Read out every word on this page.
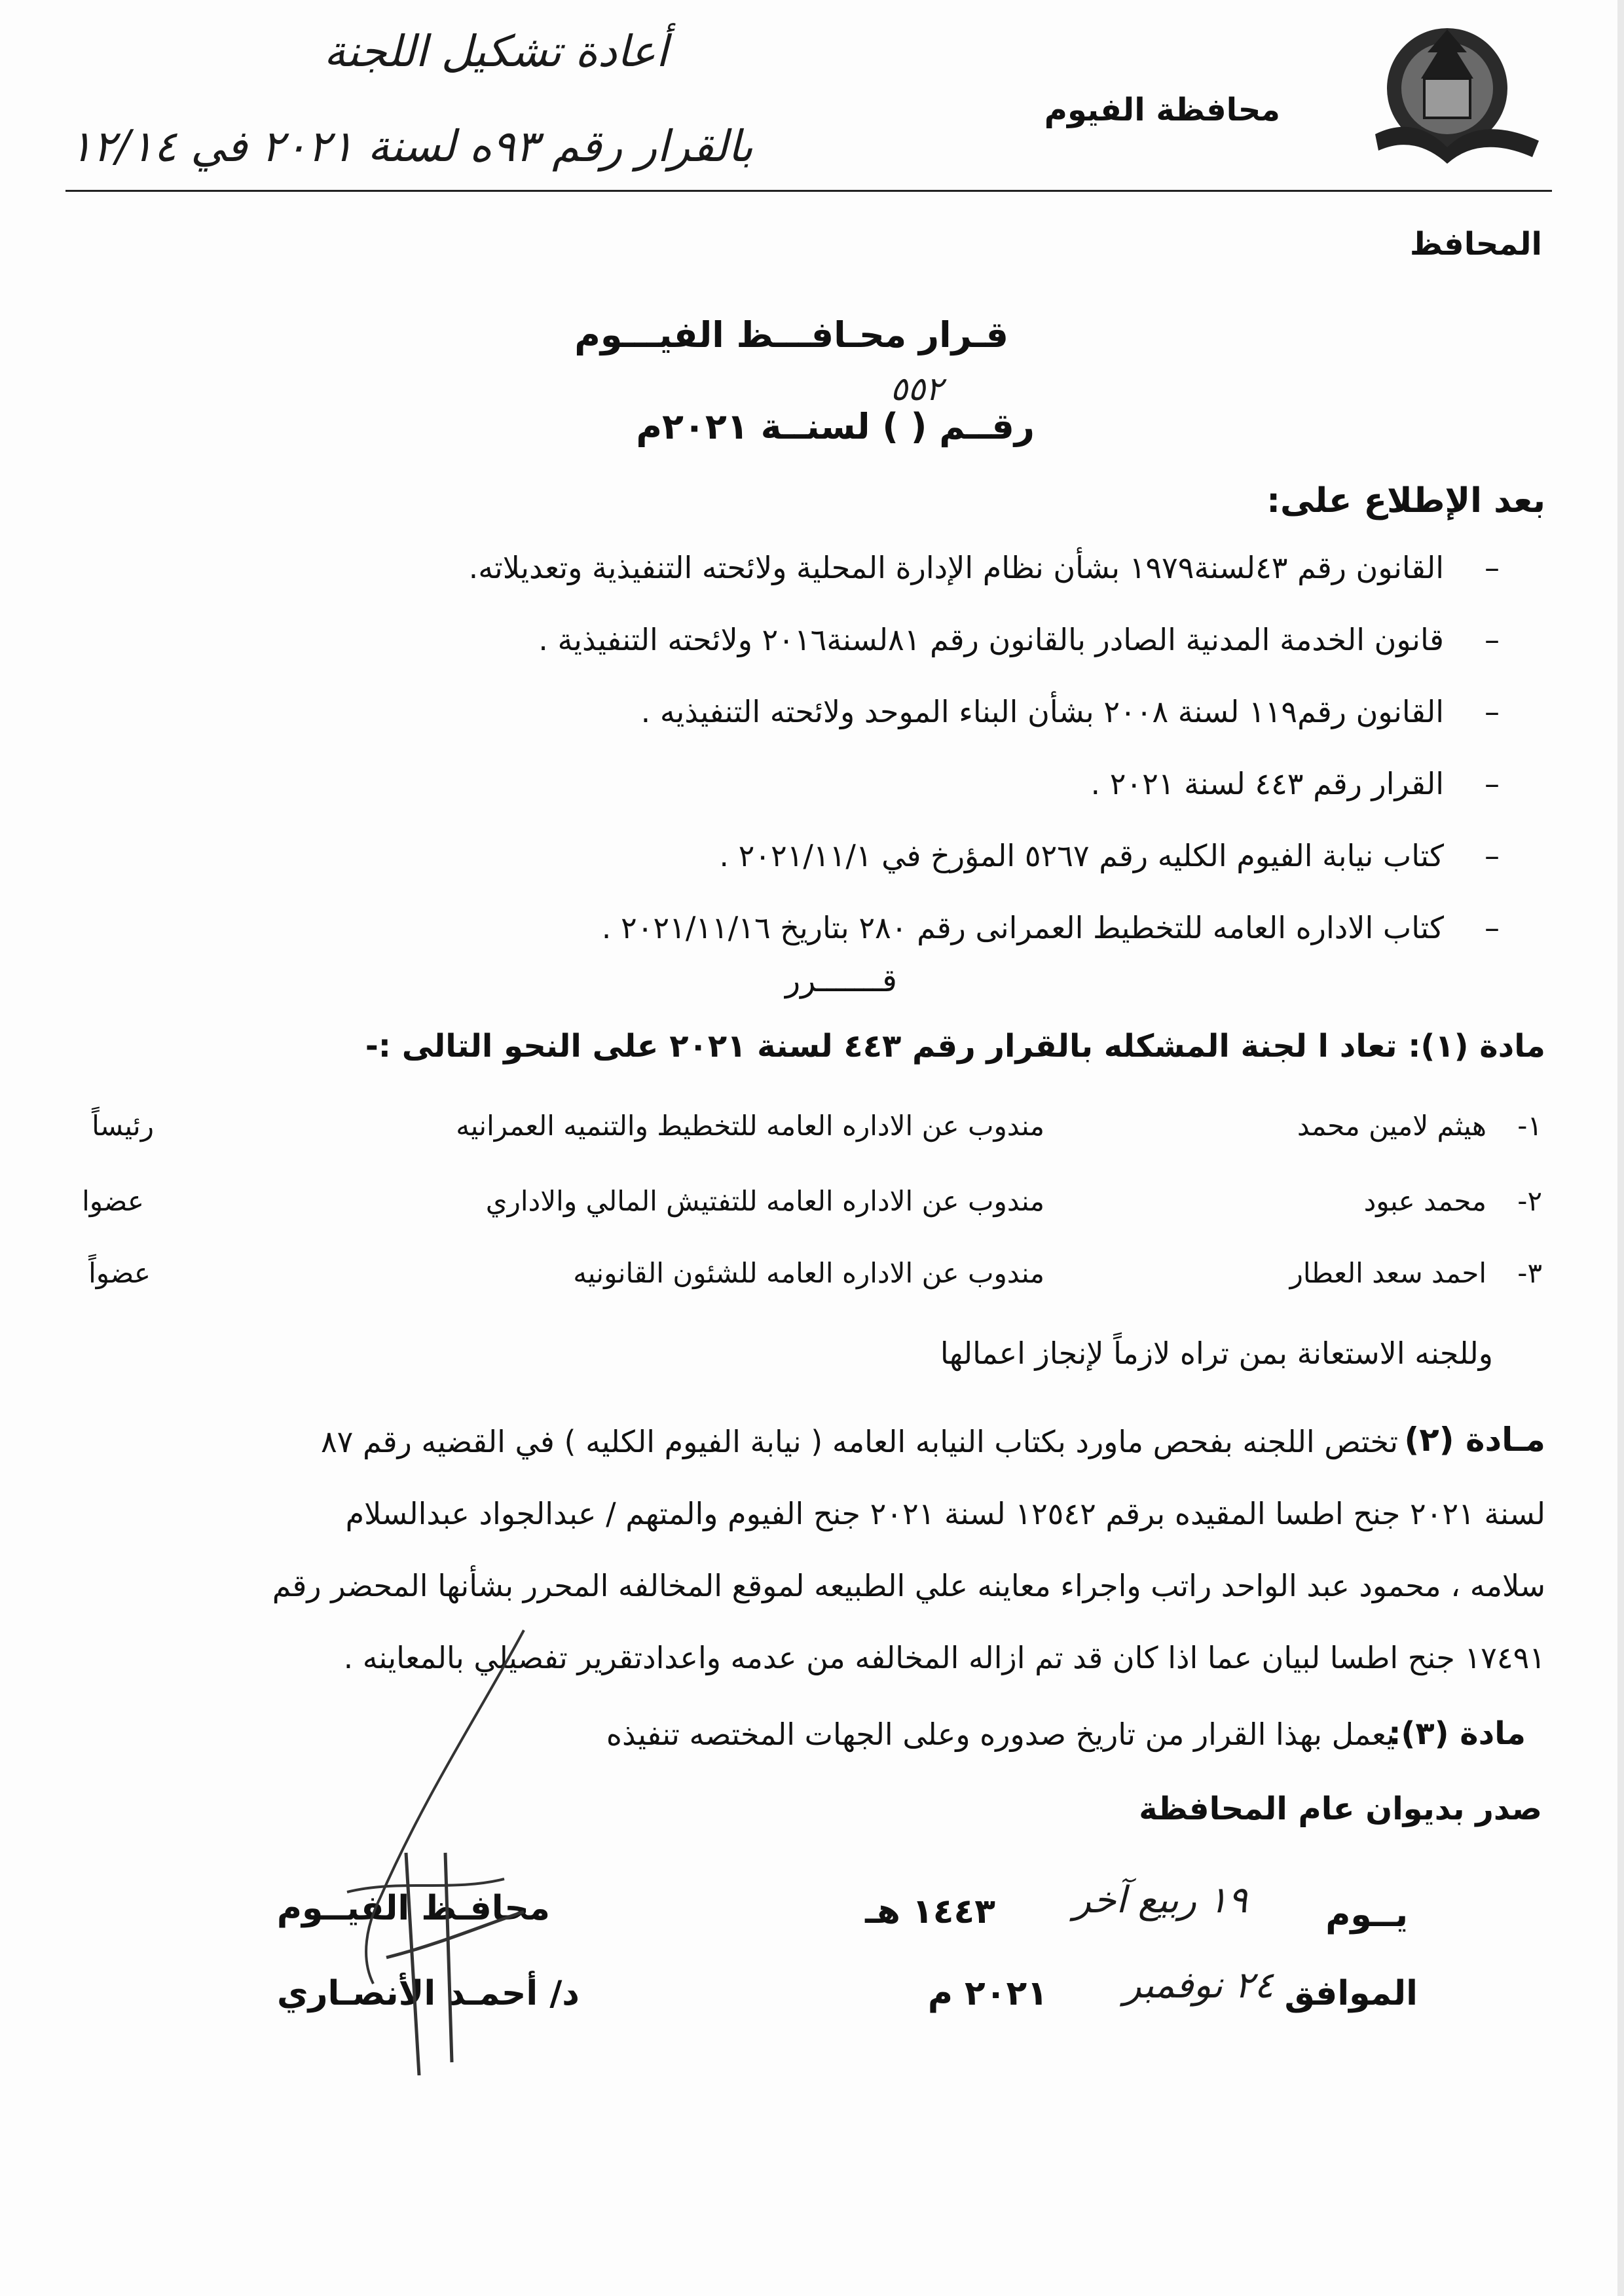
محافظة الفيوم
أعادة تشكيل اللجنة
بالقرار رقم ٩٣ه لسنة ٢٠٢١ في ١٢/١٤
المحافظ
قـرار محـافـــظ الفيـــوم
رقــم ( ) لسنــة ٢٠٢١م
٥٥٢
بعد الإطلاع على:
–
القانون رقم ٤٣لسنة١٩٧٩ بشأن نظام الإدارة المحلية ولائحته التنفيذية وتعديلاته.
–
قانون الخدمة المدنية الصادر بالقانون رقم ٨١لسنة٢٠١٦ ولائحته التنفيذية .
–
القانون رقم١١٩ لسنة ٢٠٠٨ بشأن البناء الموحد ولائحته التنفيذيه .
–
القرار رقم ٤٤٣ لسنة ٢٠٢١ .
–
كتاب نيابة الفيوم الكليه رقم ٥٢٦٧ المؤرخ في ٢٠٢١/١١/١ .
–
كتاب الاداره العامه للتخطيط العمرانى رقم ٢٨٠ بتاريخ ٢٠٢١/١١/١٦ .
قـــــــرر
مادة (١): تعاد ا لجنة المشكله بالقرار رقم ٤٤٣ لسنة ٢٠٢١ على النحو التالى :-
١-
هيثم لامين محمد
مندوب عن الاداره العامه للتخطيط والتنميه العمرانيه
رئيساً
٢-
محمد عبود
مندوب عن الاداره العامه للتفتيش المالي والاداري
عضوا
٣-
احمد سعد العطار
مندوب عن الاداره العامه للشئون القانونيه
عضواً
وللجنه الاستعانة بمن تراه لازماً لإنجاز اعمالها
مـادة (٢)
تختص اللجنه بفحص ماورد بكتاب النيابه العامه ( نيابة الفيوم الكليه ) في القضيه رقم ٨٧
لسنة ٢٠٢١ جنح اطسا المقيده برقم ١٢٥٤٢ لسنة ٢٠٢١ جنح الفيوم والمتهم / عبدالجواد عبدالسلام
سلامه ، محمود عبد الواحد راتب واجراء معاينه علي الطبيعه لموقع المخالفه المحرر بشأنها المحضر رقم
١٧٤٩١ جنح اطسا لبيان عما اذا كان قد تم ازاله المخالفه من عدمه واعدادتقرير تفصيلي بالمعاينه .
مادة (٣):
يعمل بهذا القرار من تاريخ صدوره وعلى الجهات المختصه تنفيذه
صدر بديوان عام المحافظة
محافـظ الفيــوم
د/ أحمـد الأنصـاري
يــوم
١٩ ربيع آخر
١٤٤٣ هـ
الموافق
٢٤ نوفمبر
٢٠٢١ م
